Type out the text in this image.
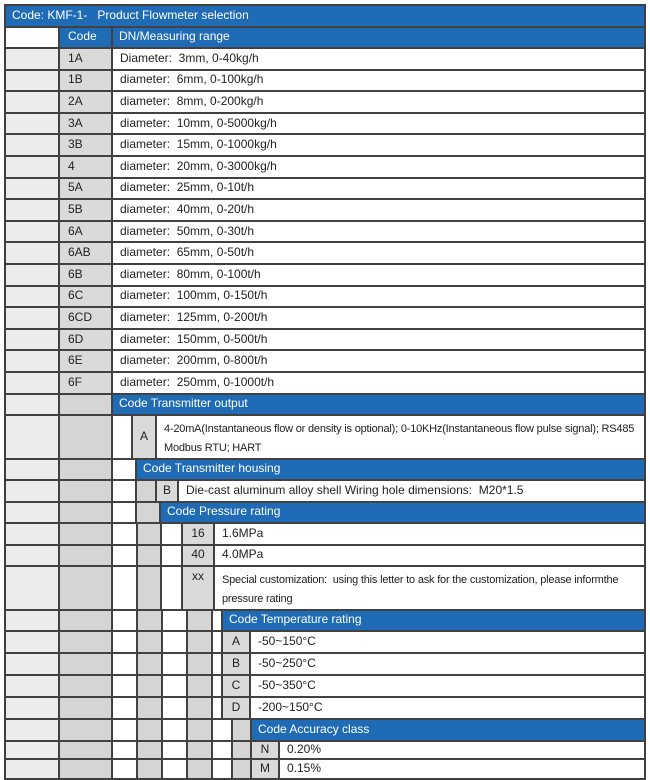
Code: KMF-1-   Product Flowmeter selection
Code	DN/Measuring range
1A	Diameter:  3mm, 0-40kg/h
1B	diameter:  6mm, 0-100kg/h
2A	diameter:  8mm, 0-200kg/h
3A	diameter:  10mm, 0-5000kg/h
3B	diameter:  15mm, 0-1000kg/h
4	diameter:  20mm, 0-3000kg/h
5A	diameter:  25mm, 0-10t/h
5B	diameter:  40mm, 0-20t/h
6A	diameter:  50mm, 0-30t/h
6AB	diameter:  65mm, 0-50t/h
6B	diameter:  80mm, 0-100t/h
6C	diameter:  100mm, 0-150t/h
6CD	diameter:  125mm, 0-200t/h
6D	diameter:  150mm, 0-500t/h
6E	diameter:  200mm, 0-800t/h
6F	diameter:  250mm, 0-1000t/h
Code Transmitter output
A	4-20mA(Instantaneous flow or density is optional); 0-10KHz(Instantaneous flow pulse signal); RS485 Modbus RTU; HART
Code Transmitter housing
B	Die-cast aluminum alloy shell Wiring hole dimensions:  M20*1.5
Code Pressure rating
16	1.6MPa
40	4.0MPa
xx	Special customization:  using this letter to ask for the customization, please informthe pressure rating
Code Temperature rating
A	-50~150°C
B	-50~250°C
C	-50~350°C
D	-200~150°C
Code Accuracy class
N	0.20%
M	0.15%
